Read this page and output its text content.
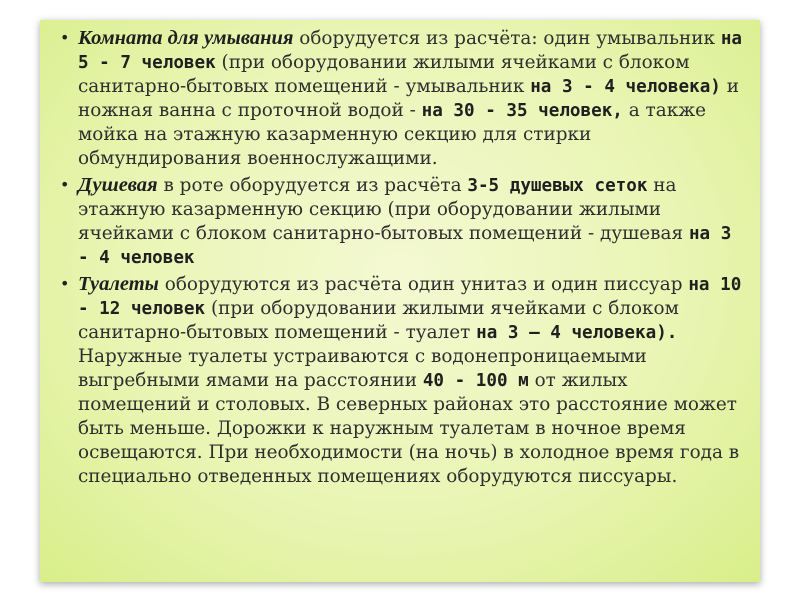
• Комната для умывания оборудуется из расчёта: один умывальник на 5 - 7 человек (при оборудовании жилыми ячейками с блоком санитарно-бытовых помещений - умывальник на 3 - 4 человека) и ножная ванна с проточной водой - на 30 - 35 человек, а также мойка на этажную казарменную секцию для стирки обмундирования военнослужащими.
• Душевая в роте оборудуется из расчёта 3-5 душевых сеток на этажную казарменную секцию (при оборудовании жилыми ячейками с блоком санитарно-бытовых помещений - душевая на 3 - 4 человек
• Туалеты оборудуются из расчёта один унитаз и один писсуар на 10 - 12 человек (при оборудовании жилыми ячейками с блоком санитарно-бытовых помещений - туалет на 3 — 4 человека). Наружные туалеты устраиваются с водонепроницаемыми выгребными ямами на расстоянии 40 - 100 м от жилых помещений и столовых. В северных районах это расстояние может быть меньше. Дорожки к наружным туалетам в ночное время освещаются. При необходимости (на ночь) в холодное время года в специально отведенных помещениях оборудуются писсуары.
